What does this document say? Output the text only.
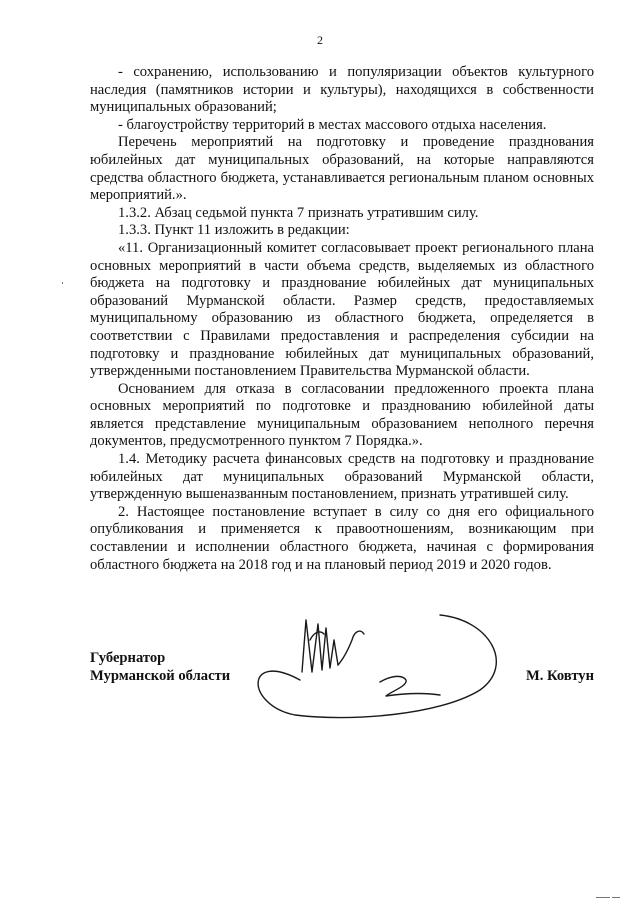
2

- сохранению, использованию и популяризации объектов культурного наследия (памятников истории и культуры), находящихся в собственности муниципальных образований;

- благоустройству территорий в местах массового отдыха населения.

Перечень мероприятий на подготовку и проведение празднования юбилейных дат муниципальных образований, на которые направляются средства областного бюджета, устанавливается региональным планом основных мероприятий.».

1.3.2. Абзац седьмой пункта 7 признать утратившим силу.

1.3.3. Пункт 11 изложить в редакции:

«11. Организационный комитет согласовывает проект регионального плана основных мероприятий в части объема средств, выделяемых из областного бюджета на подготовку и празднование юбилейных дат муниципальных образований Мурманской области. Размер средств, предоставляемых муниципальному образованию из областного бюджета, определяется в соответствии с Правилами предоставления и распределения субсидии на подготовку и празднование юбилейных дат муниципальных образований, утвержденными постановлением Правительства Мурманской области.

Основанием для отказа в согласовании предложенного проекта плана основных мероприятий по подготовке и празднованию юбилейной даты является представление муниципальным образованием неполного перечня документов, предусмотренного пунктом 7 Порядка.».

1.4. Методику расчета финансовых средств на подготовку и празднование юбилейных дат муниципальных образований Мурманской области, утвержденную вышеназванным постановлением, признать утратившей силу.

2. Настоящее постановление вступает в силу со дня его официального опубликования и применяется к правоотношениям, возникающим при составлении и исполнении областного бюджета, начиная с формирования областного бюджета на 2018 год и на плановый период 2019 и 2020 годов.

Губернатор
Мурманской области	М. Ковтун
